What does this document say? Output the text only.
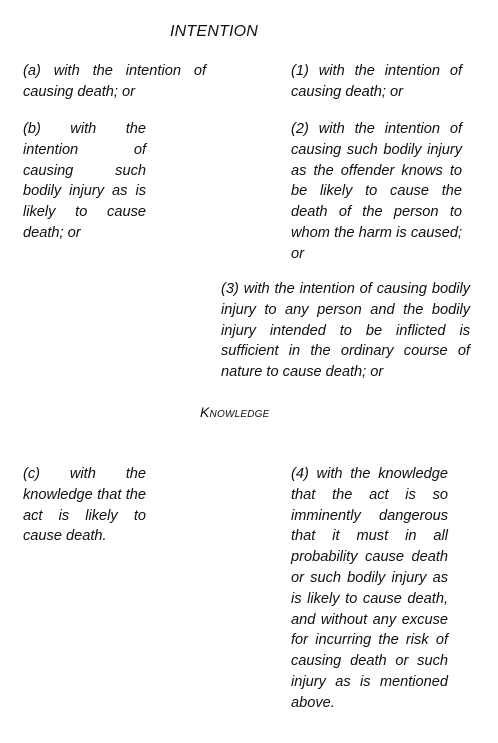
INTENTION
(a) with the intention of causing death; or
(1) with the intention of causing death; or
(b) with the intention of causing such bodily injury as is likely to cause death; or
(2) with the intention of causing such bodily injury as the offender knows to be likely to cause the death of the person to whom the harm is caused; or
(3) with the intention of causing bodily injury to any person and the bodily injury intended to be inflicted is sufficient in the ordinary course of nature to cause death; or
Knowledge
(c) with the knowledge that the act is likely to cause death.
(4) with the knowledge that the act is so imminently dangerous that it must in all probability cause death or such bodily injury as is likely to cause death, and without any excuse for incurring the risk of causing death or such injury as is mentioned above.
